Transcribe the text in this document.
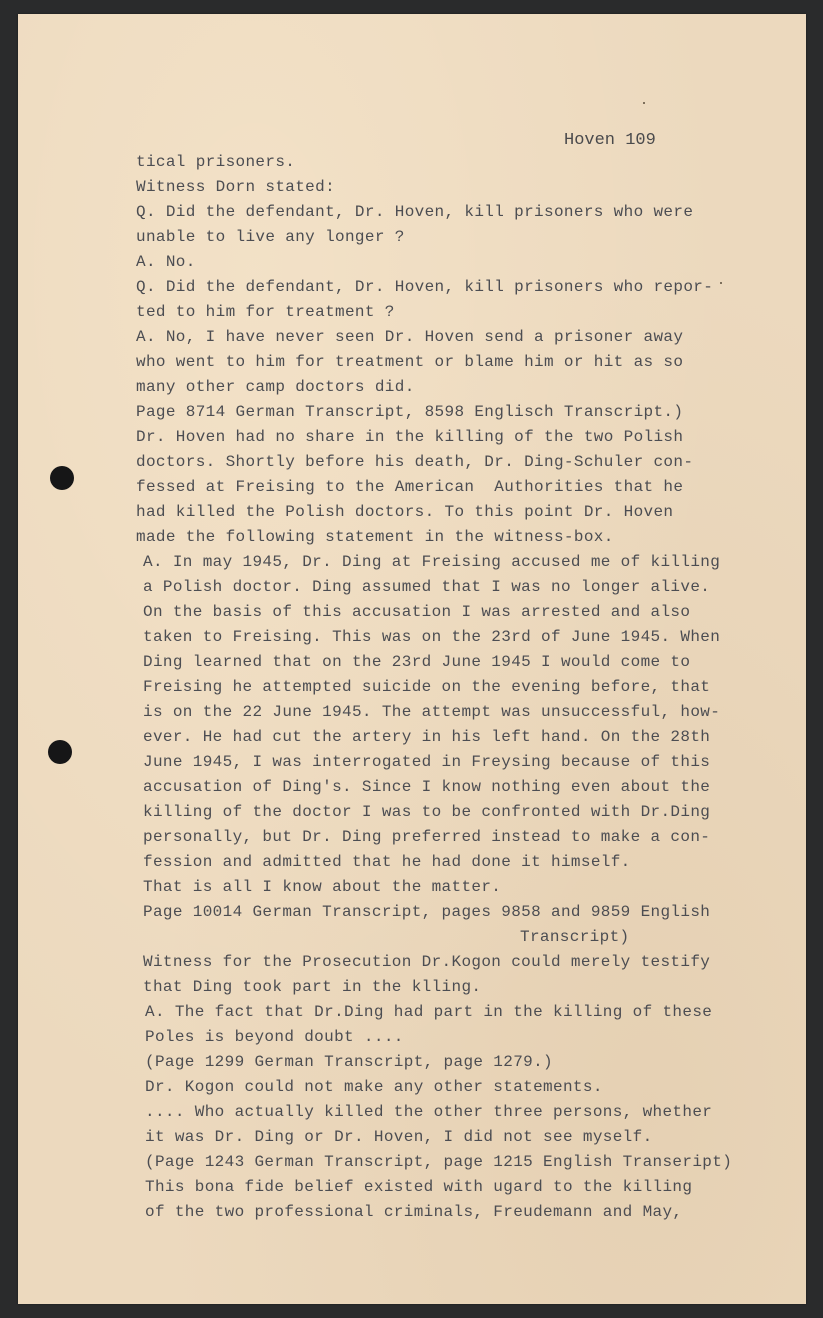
Hoven 109
tical prisoners.
Witness Dorn stated:
Q. Did the defendant, Dr. Hoven, kill prisoners who were
unable to live any longer ?
A. No.
Q. Did the defendant, Dr. Hoven, kill prisoners who repor-
ted to him for treatment ?
A. No, I have never seen Dr. Hoven send a prisoner away
who went to him for treatment or blame him or hit as so
many other camp doctors did.
Page 8714 German Transcript, 8598 Englisch Transcript.)
Dr. Hoven had no share in the killing of the two Polish
doctors. Shortly before his death, Dr. Ding-Schuler con-
fessed at Freising to the American  Authorities that he
had killed the Polish doctors. To this point Dr. Hoven
made the following statement in the witness-box.
A. In may 1945, Dr. Ding at Freising accused me of killing
a Polish doctor. Ding assumed that I was no longer alive.
On the basis of this accusation I was arrested and also
taken to Freising. This was on the 23rd of June 1945. When
Ding learned that on the 23rd June 1945 I would come to
Freising he attempted suicide on the evening before, that
is on the 22 June 1945. The attempt was unsuccessful, how-
ever. He had cut the artery in his left hand. On the 28th
June 1945, I was interrogated in Freysing because of this
accusation of Ding's. Since I know nothing even about the
killing of the doctor I was to be confronted with Dr.Ding
personally, but Dr. Ding preferred instead to make a con-
fession and admitted that he had done it himself.
That is all I know about the matter.
Page 10014 German Transcript, pages 9858 and 9859 English
Transcript)
Witness for the Prosecution Dr.Kogon could merely testify
that Ding took part in the klling.
A. The fact that Dr.Ding had part in the killing of these
Poles is beyond doubt ....
(Page 1299 German Transcript, page 1279.)
Dr. Kogon could not make any other statements.
.... Who actually killed the other three persons, whether
it was Dr. Ding or Dr. Hoven, I did not see myself.
(Page 1243 German Transcript, page 1215 English Transeript)
This bona fide belief existed with ugard to the killing
of the two professional criminals, Freudemann and May,
